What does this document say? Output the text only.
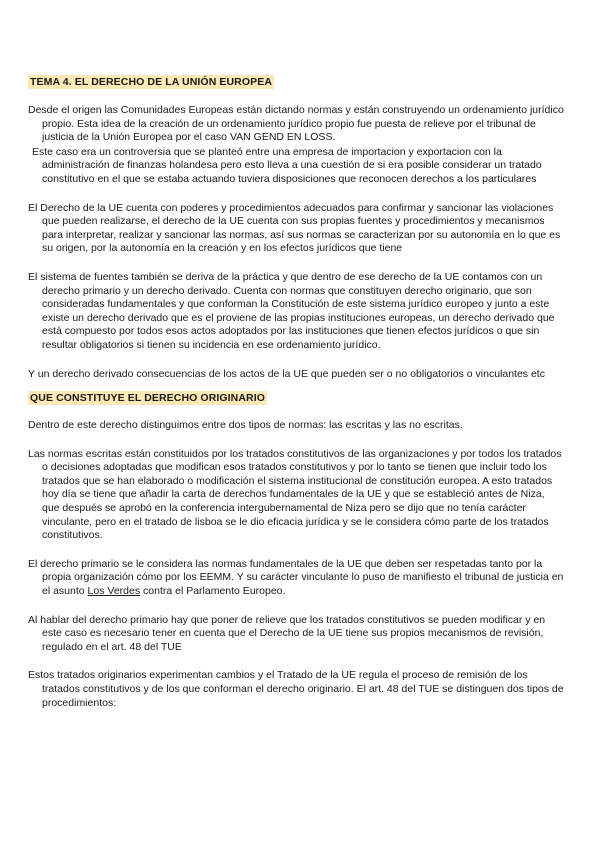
TEMA 4. EL DERECHO DE LA UNIÓN EUROPEA

Desde el origen las Comunidades Europeas están dictando normas y están construyendo un ordenamiento jurídico propio. Esta idea de la creación de un ordenamiento jurídico propio fue puesta de relieve por el tribunal de justicia de la Unión Europea por el caso VAN GEND EN LOSS.

Este caso era un controversia que se planteó entre una empresa de importacion y exportacion con la administración de finanzas holandesa pero esto lleva a una cuestión de si era posible considerar un tratado constitutivo en el que se estaba actuando tuviera disposiciones que reconocen derechos a los particulares

El Derecho de la UE cuenta con poderes y procedimientos adecuados para confirmar y sancionar las violaciones que pueden realizarse, el derecho de la UE cuenta con sus propias fuentes y procedimientos y mecanismos para interpretar, realizar y sancionar las normas, así sus normas se caracterizan por su autonomía en lo que es su origen, por la autonomía en la creación y en los efectos jurídicos que tiene

El sistema de fuentes también se deriva de la práctica y que dentro de ese derecho de la UE contamos con un derecho primario y un derecho derivado. Cuenta con normas que constituyen derecho originario, que son consideradas fundamentales y que conforman la Constitución de este sistema jurídico europeo y junto a este existe un derecho derivado que es el proviene de las propias instituciones europeas, un derecho derivado que está compuesto por todos esos actos adoptados por las instituciones que tienen efectos jurídicos o que sin resultar obligatorios si tienen su incidencia en ese ordenamiento jurídico.

Y un derecho derivado consecuencias de los actos de la UE que pueden ser o no obligatorios o vinculantes etc

QUE CONSTITUYE EL DERECHO ORIGINARIO

Dentro de este derecho distinguimos entre dos tipos de normas: las escritas y las no escritas.

Las normas escritas están constituidos por los tratados constitutivos de las organizaciones y por todos los tratados o decisiones adoptadas que modifican esos tratados constitutivos y por lo tanto se tienen que incluir todo los tratados que se han elaborado o modificación el sistema institucional de constitución europea. A esto tratados hoy día se tiene que añadir la carta de derechos fundamentales de la UE y que se estableció antes de Niza, que después se aprobó en la conferencia intergubernamental de Niza pero se dijo que no tenía carácter vinculante, pero en el tratado de lisboa se le dio eficacia jurídica y se le considera cómo parte de los tratados constitutivos.

El derecho primario se le considera las normas fundamentales de la UE que deben ser respetadas tanto por la propia organización cómo por los EEMM. Y su carácter vinculante lo puso de manifiesto el tribunal de justicia en el asunto Los Verdes contra el Parlamento Europeo.

Al hablar del derecho primario hay que poner de relieve que los tratados constitutivos se pueden modificar y en este caso es necesario tener en cuenta que el Derecho de la UE tiene sus propios mecanismos de revisión, regulado en el art. 48 del TUE

Estos tratados originarios experimentan cambios y el Tratado de la UE regula el proceso de remisión de los tratados constitutivos y de los que conforman el derecho originario. El art. 48 del TUE se distinguen dos tipos de procedimientos:
